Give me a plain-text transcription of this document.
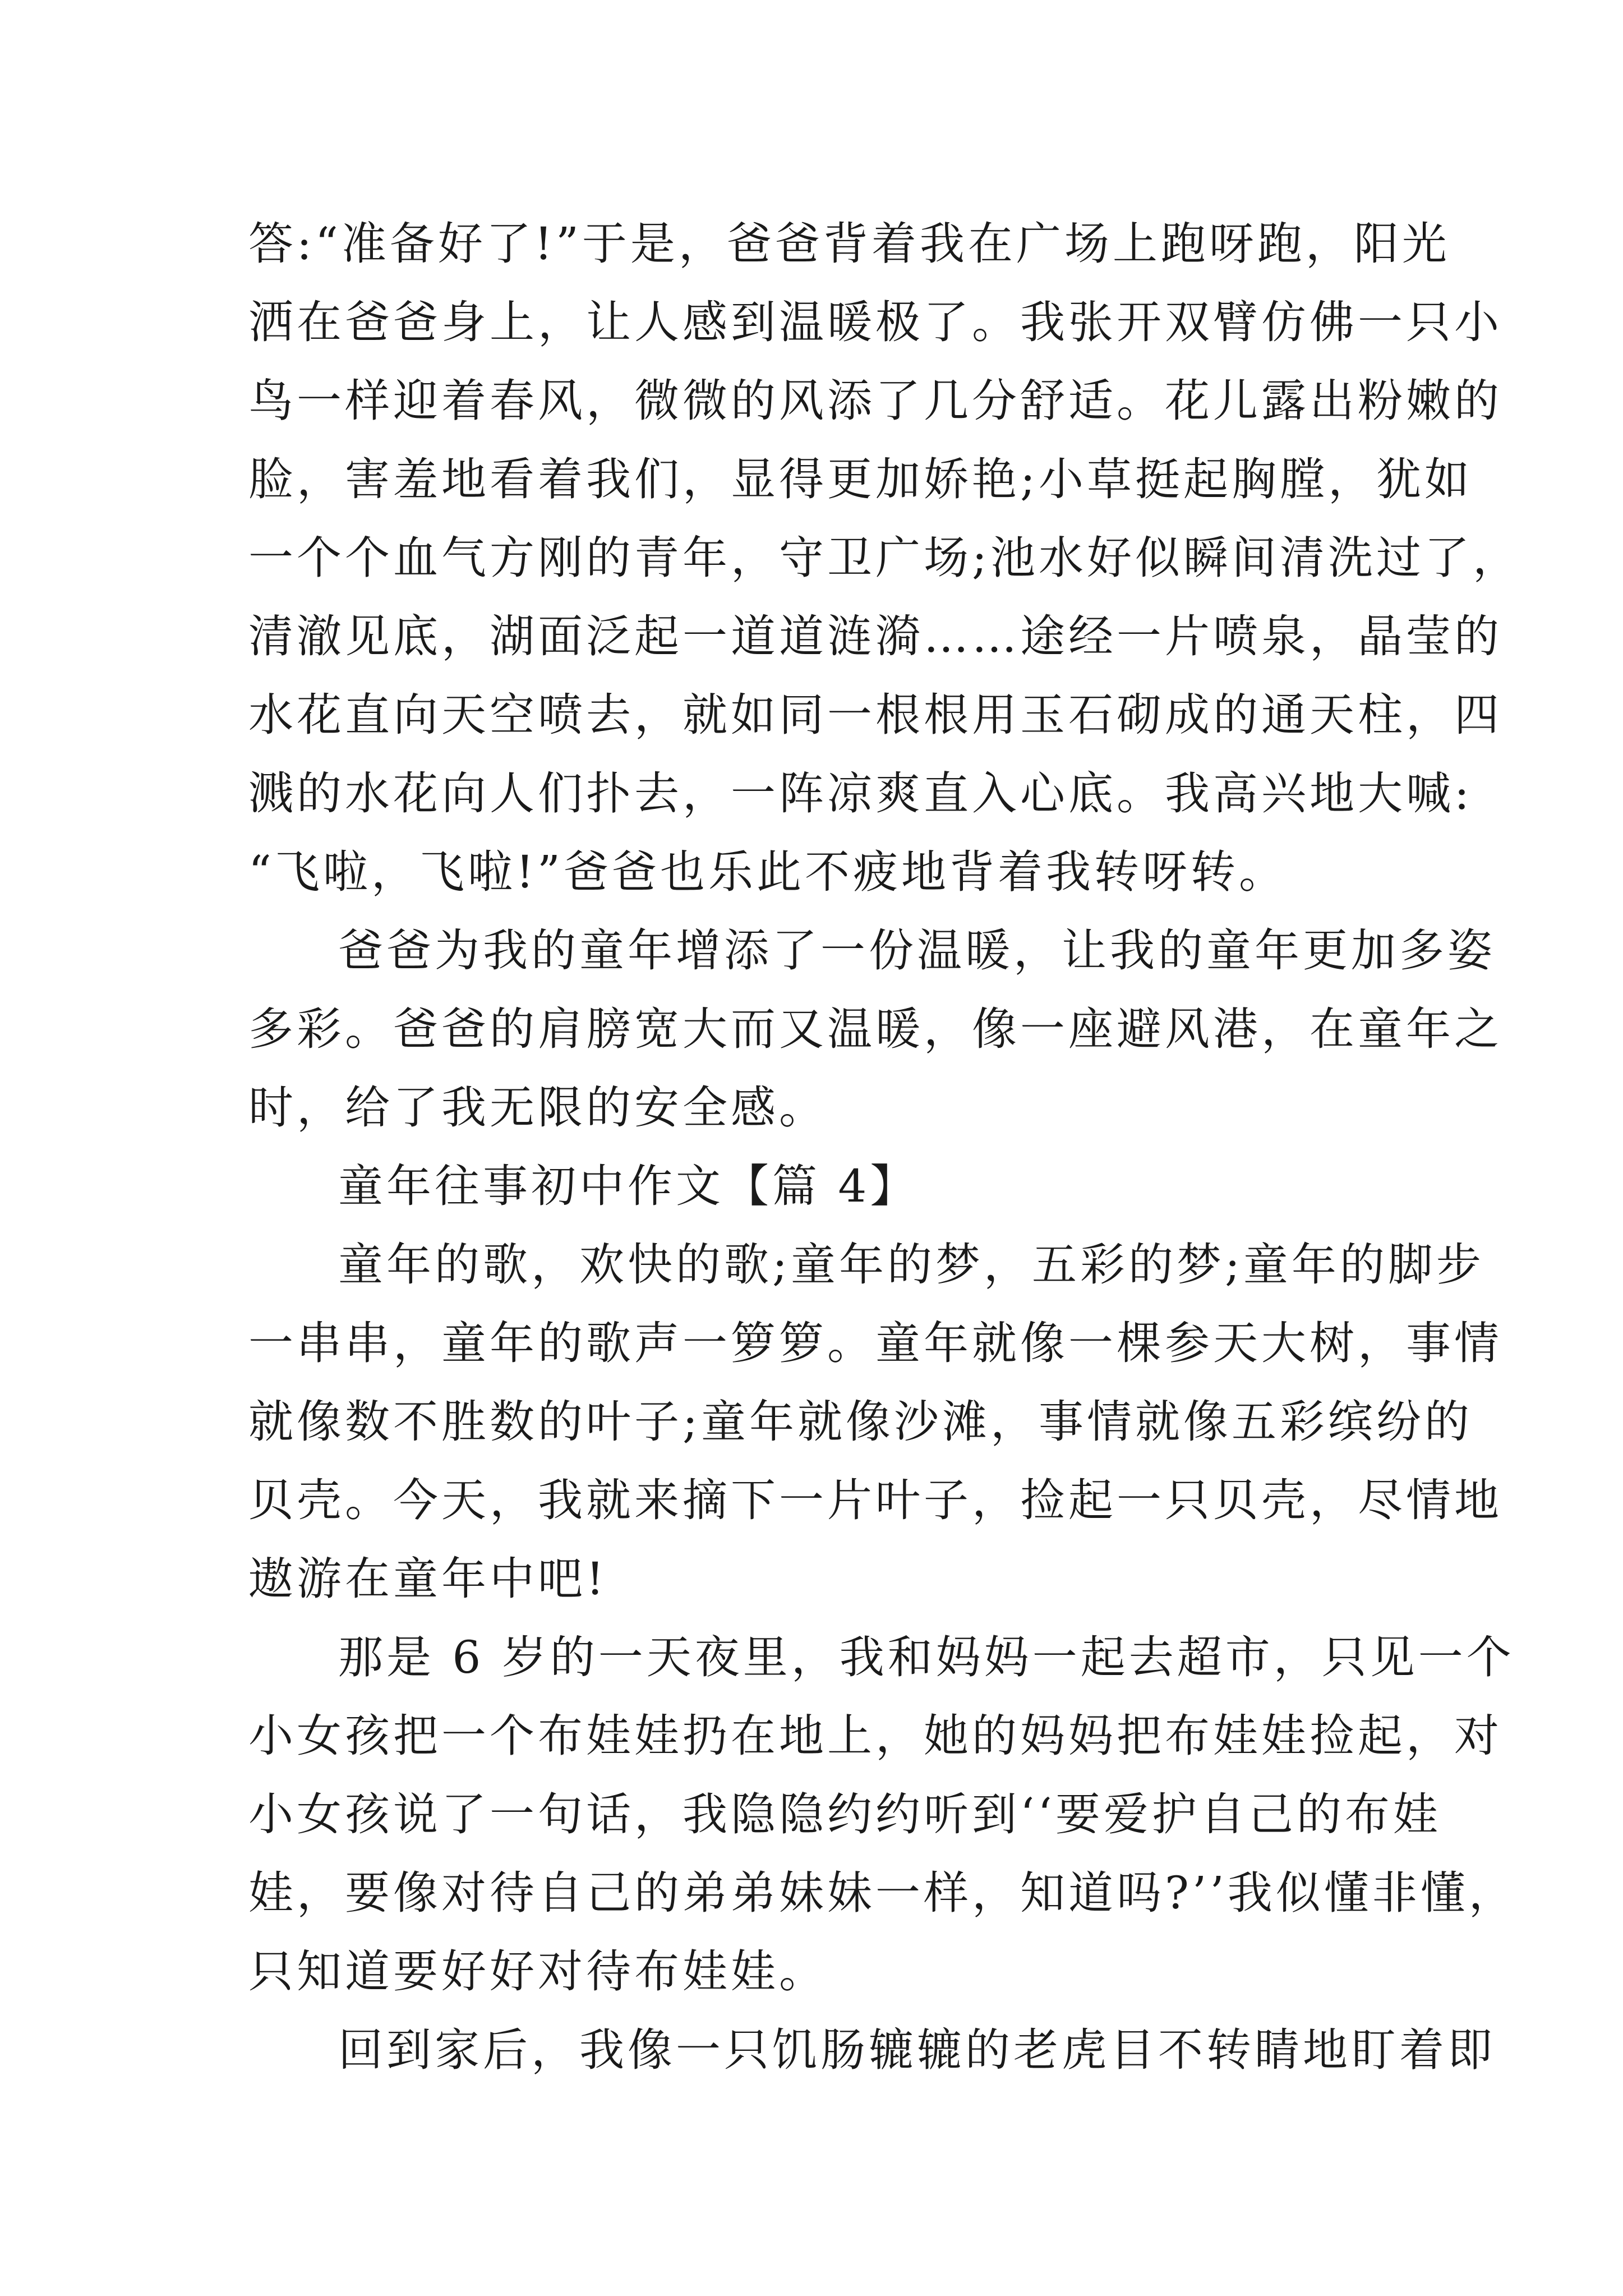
答:“准备好了!”于是，爸爸背着我在广场上跑呀跑，阳光
洒在爸爸身上，让人感到温暖极了。我张开双臂仿佛一只小
鸟一样迎着春风，微微的风添了几分舒适。花儿露出粉嫩的
脸，害羞地看着我们，显得更加娇艳;小草挺起胸膛，犹如
一个个血气方刚的青年，守卫广场;池水好似瞬间清洗过了，
清澈见底，湖面泛起一道道涟漪……途经一片喷泉，晶莹的
水花直向天空喷去，就如同一根根用玉石砌成的通天柱，四
溅的水花向人们扑去，一阵凉爽直入心底。我高兴地大喊:
“飞啦，飞啦!”爸爸也乐此不疲地背着我转呀转。
爸爸为我的童年增添了一份温暖，让我的童年更加多姿
多彩。爸爸的肩膀宽大而又温暖，像一座避风港，在童年之
时，给了我无限的安全感。
童年往事初中作文【篇 4】
童年的歌，欢快的歌;童年的梦，五彩的梦;童年的脚步
一串串，童年的歌声一箩箩。童年就像一棵参天大树，事情
就像数不胜数的叶子;童年就像沙滩，事情就像五彩缤纷的
贝壳。今天，我就来摘下一片叶子，捡起一只贝壳，尽情地
遨游在童年中吧!
那是 6 岁的一天夜里，我和妈妈一起去超市，只见一个
小女孩把一个布娃娃扔在地上，她的妈妈把布娃娃捡起，对
小女孩说了一句话，我隐隐约约听到‘‘要爱护自己的布娃
娃，要像对待自己的弟弟妹妹一样，知道吗?’’我似懂非懂，
只知道要好好对待布娃娃。
回到家后，我像一只饥肠辘辘的老虎目不转睛地盯着即
